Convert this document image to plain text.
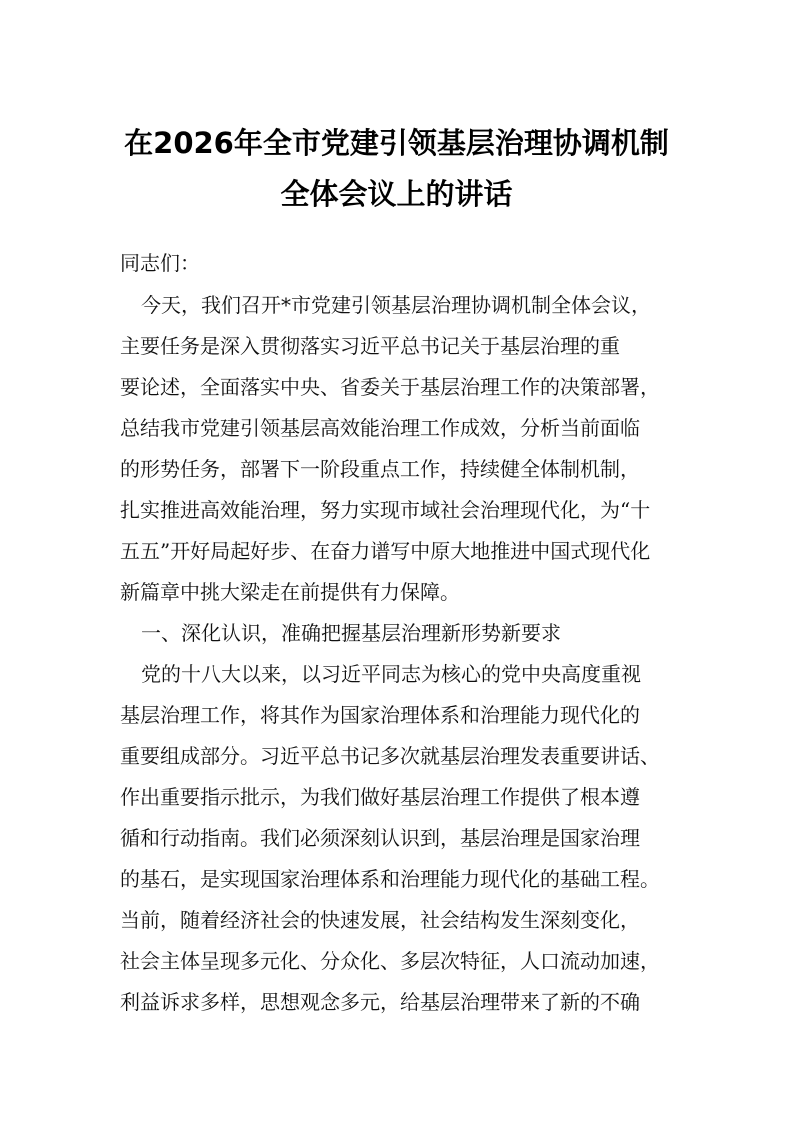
在2026年全市党建引领基层治理协调机制
全体会议上的讲话
同志们：
今天，我们召开*市党建引领基层治理协调机制全体会议，
主要任务是深入贯彻落实习近平总书记关于基层治理的重
要论述，全面落实中央、省委关于基层治理工作的决策部署，
总结我市党建引领基层高效能治理工作成效，分析当前面临
的形势任务，部署下一阶段重点工作，持续健全体制机制，
扎实推进高效能治理，努力实现市域社会治理现代化，为“十
五五”开好局起好步、在奋力谱写中原大地推进中国式现代化
新篇章中挑大梁走在前提供有力保障。
一、深化认识，准确把握基层治理新形势新要求
党的十八大以来，以习近平同志为核心的党中央高度重视
基层治理工作，将其作为国家治理体系和治理能力现代化的
重要组成部分。习近平总书记多次就基层治理发表重要讲话、
作出重要指示批示，为我们做好基层治理工作提供了根本遵
循和行动指南。我们必须深刻认识到，基层治理是国家治理
的基石，是实现国家治理体系和治理能力现代化的基础工程。
当前，随着经济社会的快速发展，社会结构发生深刻变化，
社会主体呈现多元化、分众化、多层次特征，人口流动加速，
利益诉求多样，思想观念多元，给基层治理带来了新的不确
